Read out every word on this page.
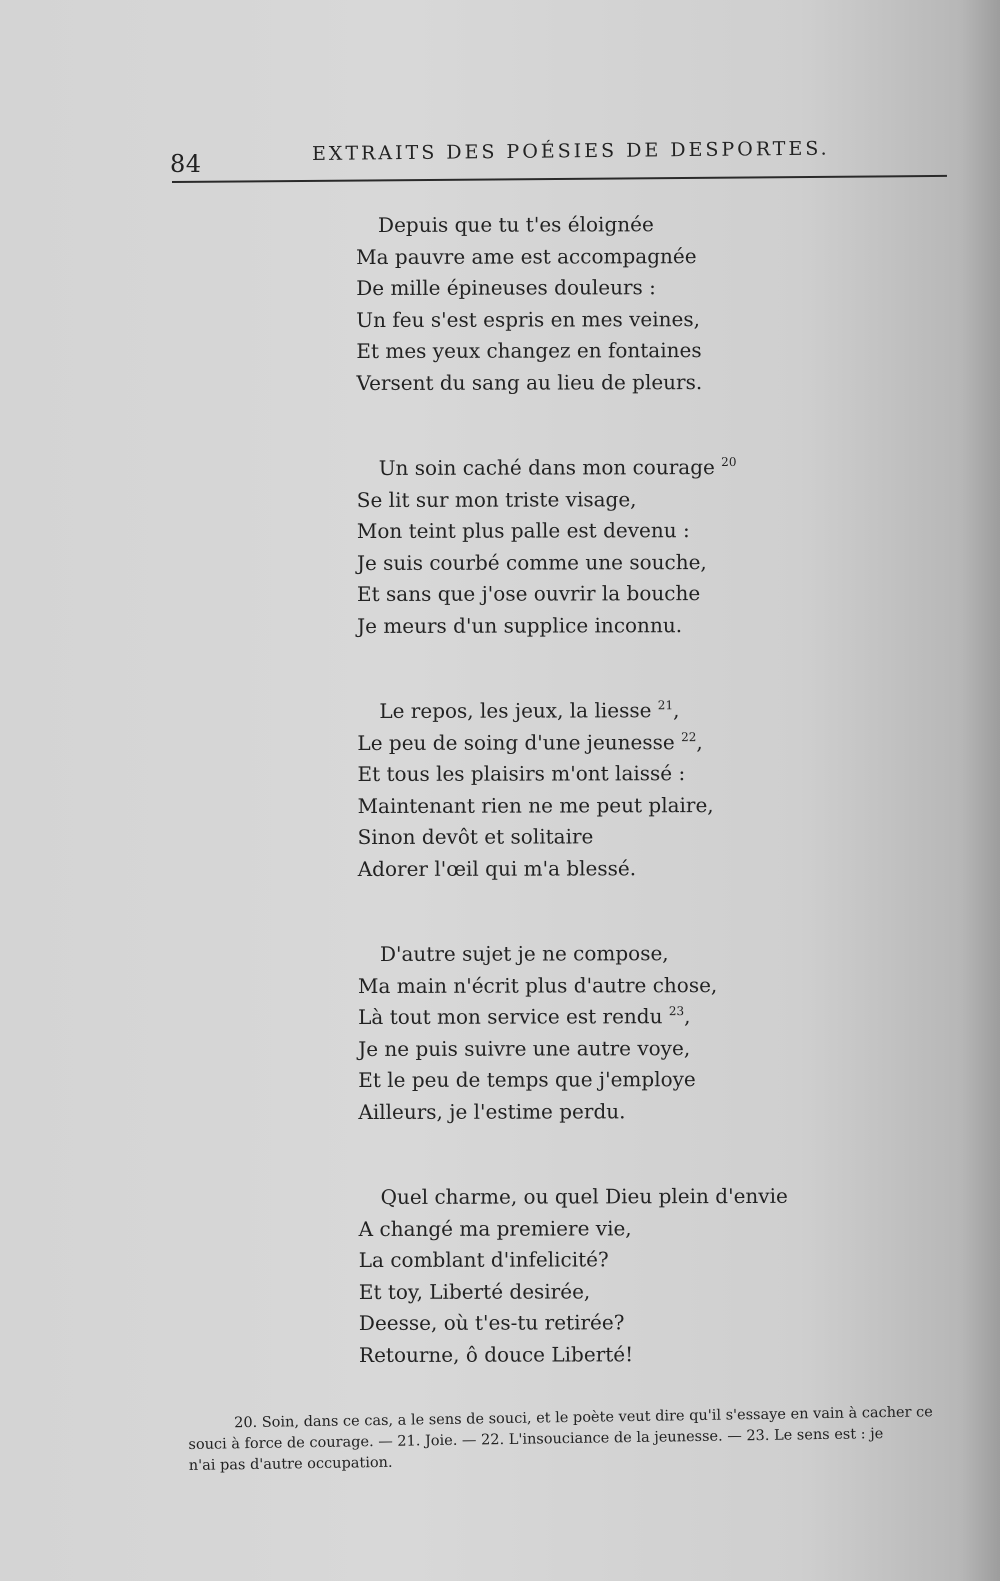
84	EXTRAITS DES POÉSIES DE DESPORTES.
Depuis que tu t'es éloignée
Ma pauvre ame est accompagnée
De mille épineuses douleurs :
Un feu s'est espris en mes veines,
Et mes yeux changez en fontaines
Versent du sang au lieu de pleurs.
Un soin caché dans mon courage $^{20}$
Se lit sur mon triste visage,
Mon teint plus palle est devenu :
Je suis courbé comme une souche,
Et sans que j'ose ouvrir la bouche
Je meurs d'un supplice inconnu.
Le repos, les jeux, la liesse $^{21}$,
Le peu de soing d'une jeunesse $^{22}$,
Et tous les plaisirs m'ont laissé :
Maintenant rien ne me peut plaire,
Sinon devôt et solitaire
Adorer l'œil qui m'a blessé.
D'autre sujet je ne compose,
Ma main n'écrit plus d'autre chose,
Là tout mon service est rendu $^{23}$,
Je ne puis suivre une autre voye,
Et le peu de temps que j'employe
Ailleurs, je l'estime perdu.
Quel charme, ou quel Dieu plein d'envie
A changé ma premiere vie,
La comblant d'infelicité?
Et toy, Liberté desirée,
Deesse, où t'es-tu retirée?
Retourne, ô douce Liberté!
20. Soin, dans ce cas, a le sens de souci, et le poète veut dire qu'il s'essaye en vain à cacher ce
souci à force de courage. — 21. Joie. — 22. L'insouciance de la jeunesse. — 23. Le sens est : je
n'ai pas d'autre occupation.
